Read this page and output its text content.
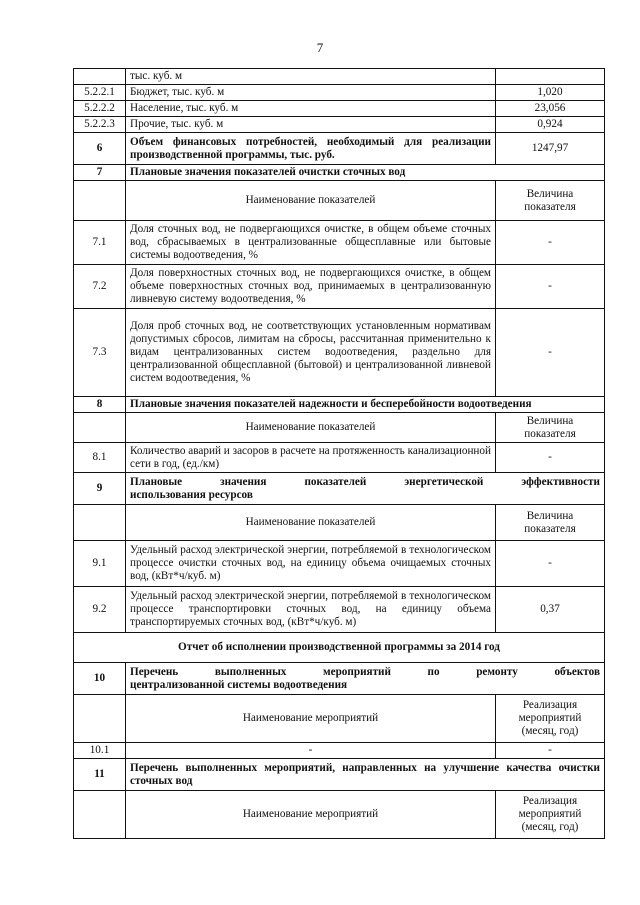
7
	тыс. куб. м	
5.2.2.1	Бюджет, тыс. куб. м	1,020
5.2.2.2	Население, тыс. куб. м	23,056
5.2.2.3	Прочие, тыс. куб. м	0,924
6	Объем финансовых потребностей, необходимый для реализации производственной программы, тыс. руб.	1247,97
7	Плановые значения показателей очистки сточных вод	
	Наименование показателей	Величина показателя
7.1	Доля сточных вод, не подвергающихся очистке, в общем объеме сточных вод, сбрасываемых в централизованные общесплавные или бытовые системы водоотведения, %	-
7.2	Доля поверхностных сточных вод, не подвергающихся очистке, в общем объеме поверхностных сточных вод, принимаемых в централизованную ливневую систему водоотведения, %	-
7.3	Доля проб сточных вод, не соответствующих установленным нормативам допустимых сбросов, лимитам на сбросы, рассчитанная применительно к видам централизованных систем водоотведения, раздельно для централизованной общесплавной (бытовой) и централизованной ливневой систем водоотведения, %	-
8	Плановые значения показателей надежности и бесперебойности водоотведения	
	Наименование показателей	Величина показателя
8.1	Количество аварий и засоров в расчете на протяженность канализационной сети в год, (ед./км)	-
9	Плановые значения показателей энергетической эффективности
использования ресурсов	

	Наименование показателей	Величина показателя
9.1	Удельный расход электрической энергии, потребляемой в технологическом процессе очистки сточных вод, на единицу объема очищаемых сточных вод, (кВт*ч/куб. м)	-
9.2	Удельный расход электрической энергии, потребляемой в технологическом процессе транспортировки сточных вод, на единицу объема транспортируемых сточных вод, (кВт*ч/куб. м)	0,37
Отчет об исполнении производственной программы за 2014 год		
10	Перечень выполненных мероприятий по ремонту объектов
централизованной системы водоотведения	

	Наименование мероприятий	Реализация мероприятий (месяц, год)
10.1	-	-
11	Перечень выполненных мероприятий, направленных на улучшение качества очистки сточных вод	
	Наименование мероприятий	Реализация мероприятий (месяц, год)
